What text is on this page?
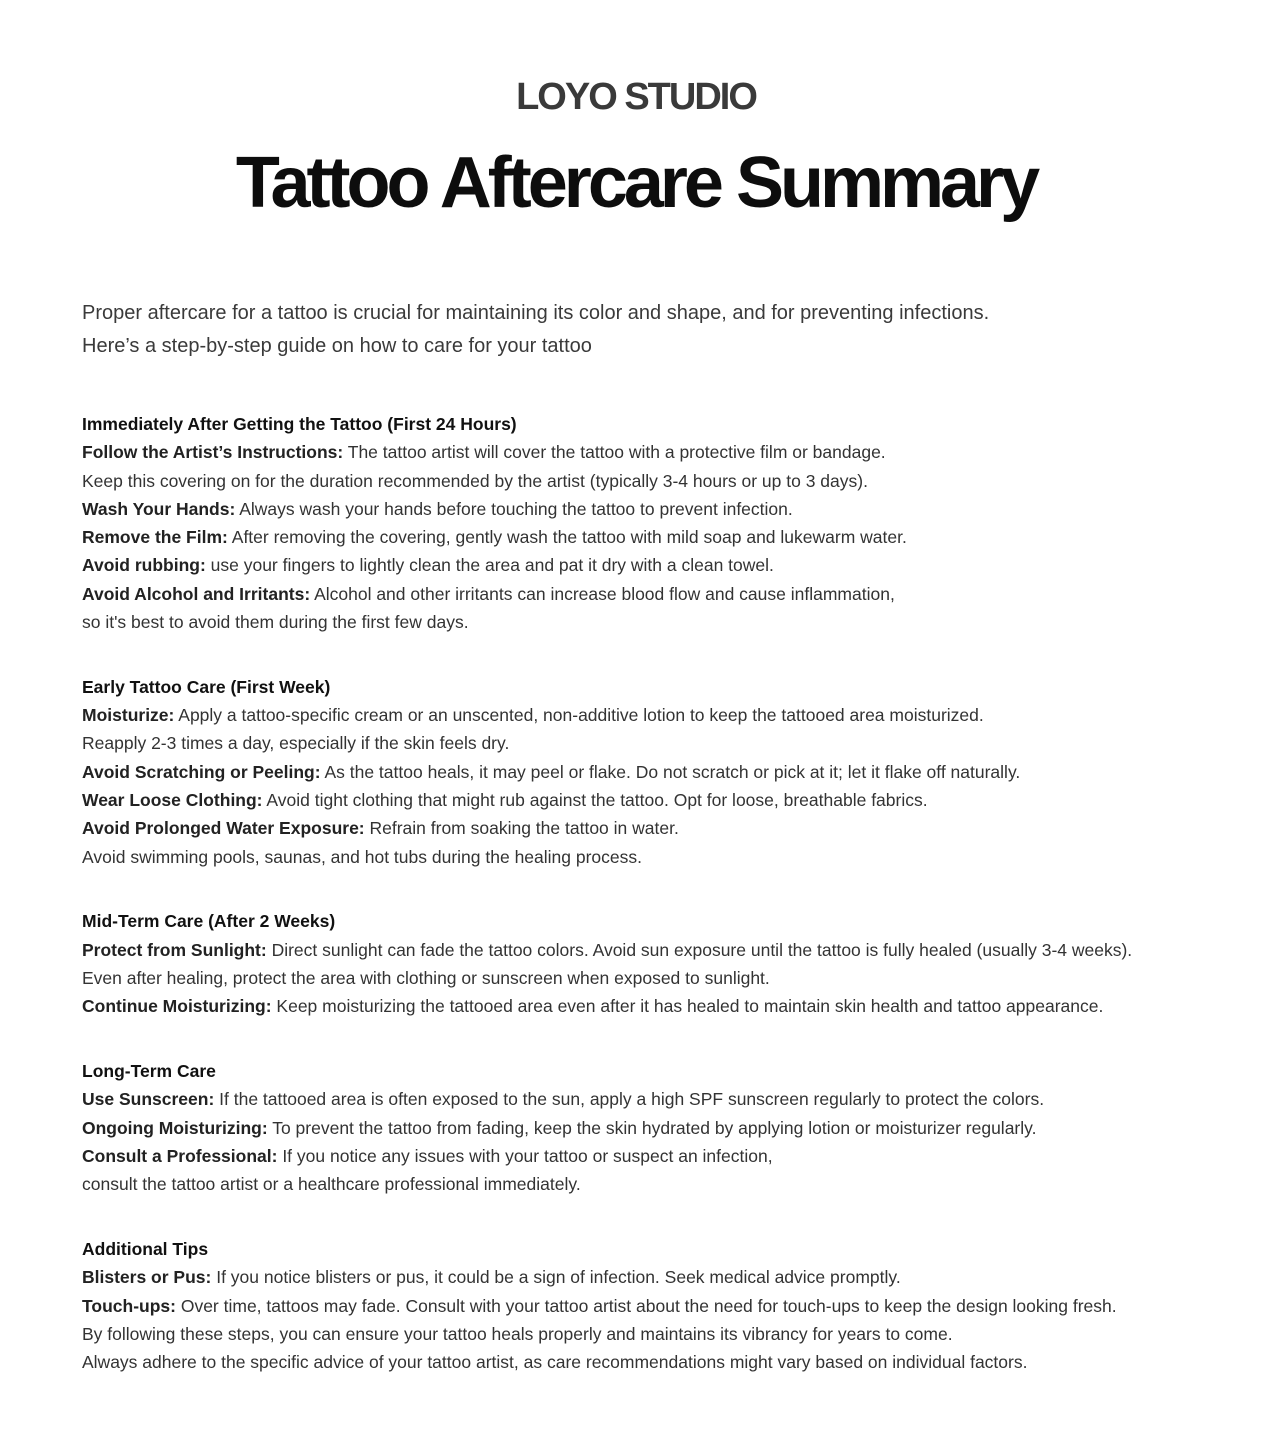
LOYO STUDIO
Tattoo Aftercare Summary
Proper aftercare for a tattoo is crucial for maintaining its color and shape, and for preventing infections.
Here’s a step-by-step guide on how to care for your tattoo
Immediately After Getting the Tattoo (First 24 Hours)
Follow the Artist’s Instructions: The tattoo artist will cover the tattoo with a protective film or bandage.
Keep this covering on for the duration recommended by the artist (typically 3-4 hours or up to 3 days).
Wash Your Hands: Always wash your hands before touching the tattoo to prevent infection.
Remove the Film: After removing the covering, gently wash the tattoo with mild soap and lukewarm water.
Avoid rubbing: use your fingers to lightly clean the area and pat it dry with a clean towel.
Avoid Alcohol and Irritants: Alcohol and other irritants can increase blood flow and cause inflammation,
so it's best to avoid them during the first few days.
Early Tattoo Care (First Week)
Moisturize: Apply a tattoo-specific cream or an unscented, non-additive lotion to keep the tattooed area moisturized.
Reapply 2-3 times a day, especially if the skin feels dry.
Avoid Scratching or Peeling: As the tattoo heals, it may peel or flake. Do not scratch or pick at it; let it flake off naturally.
Wear Loose Clothing: Avoid tight clothing that might rub against the tattoo. Opt for loose, breathable fabrics.
Avoid Prolonged Water Exposure: Refrain from soaking the tattoo in water.
Avoid swimming pools, saunas, and hot tubs during the healing process.
Mid-Term Care (After 2 Weeks)
Protect from Sunlight: Direct sunlight can fade the tattoo colors. Avoid sun exposure until the tattoo is fully healed (usually 3-4 weeks).
Even after healing, protect the area with clothing or sunscreen when exposed to sunlight.
Continue Moisturizing: Keep moisturizing the tattooed area even after it has healed to maintain skin health and tattoo appearance.
Long-Term Care
Use Sunscreen: If the tattooed area is often exposed to the sun, apply a high SPF sunscreen regularly to protect the colors.
Ongoing Moisturizing: To prevent the tattoo from fading, keep the skin hydrated by applying lotion or moisturizer regularly.
Consult a Professional: If you notice any issues with your tattoo or suspect an infection,
consult the tattoo artist or a healthcare professional immediately.
Additional Tips
Blisters or Pus: If you notice blisters or pus, it could be a sign of infection. Seek medical advice promptly.
Touch-ups: Over time, tattoos may fade. Consult with your tattoo artist about the need for touch-ups to keep the design looking fresh.
By following these steps, you can ensure your tattoo heals properly and maintains its vibrancy for years to come.
Always adhere to the specific advice of your tattoo artist, as care recommendations might vary based on individual factors.
